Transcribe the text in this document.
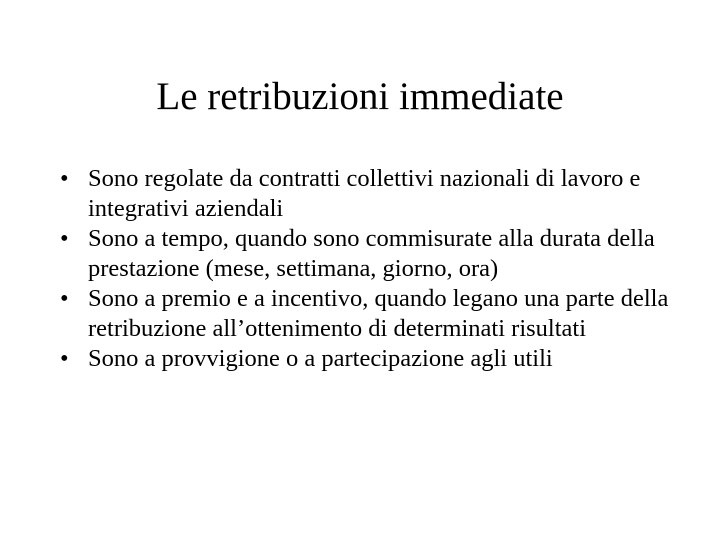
Le retribuzioni immediate
• Sono regolate da contratti collettivi nazionali di lavoro e integrativi aziendali
• Sono a tempo, quando sono commisurate alla durata della prestazione (mese, settimana, giorno, ora)
• Sono a premio e a incentivo, quando legano una parte della retribuzione all’ottenimento di determinati risultati
• Sono a provvigione o a partecipazione agli utili
